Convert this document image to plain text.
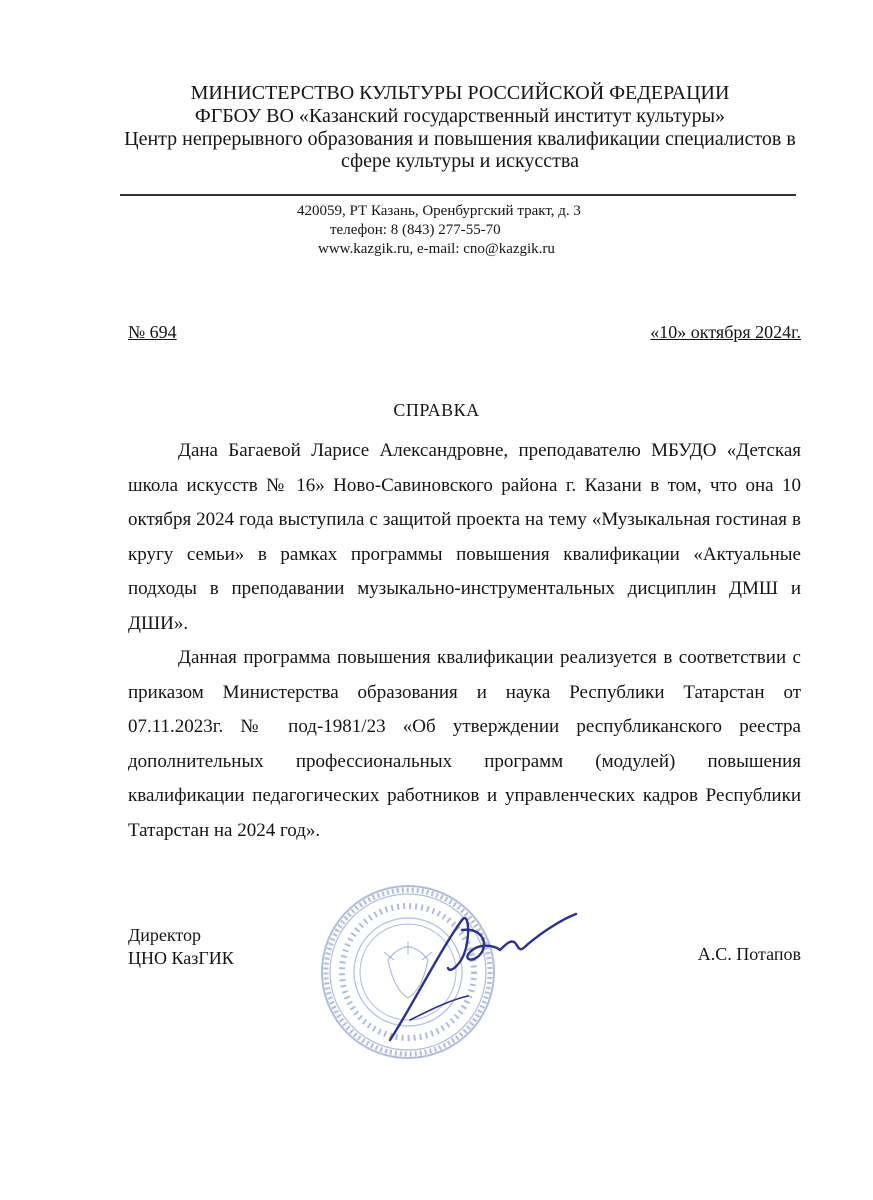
МИНИСТЕРСТВО КУЛЬТУРЫ РОССИЙСКОЙ ФЕДЕРАЦИИ
ФГБОУ ВО «Казанский государственный институт культуры»
Центр непрерывного образования и повышения квалификации специалистов в
сфере культуры и искусства
420059, РТ Казань, Оренбургский тракт, д. 3
телефон: 8 (843) 277-55-70
www.kazgik.ru, e-mail: cno@kazgik.ru
№ 694	«10» октября 2024г.
СПРАВКА
Дана Багаевой Ларисе Александровне, преподавателю МБУДО «Детская школа искусств № 16» Ново-Савиновского района г. Казани в том, что она 10 октября 2024 года выступила с защитой проекта на тему «Музыкальная гостиная в кругу семьи» в рамках программы повышения квалификации «Актуальные подходы в преподавании музыкально-инструментальных дисциплин ДМШ и ДШИ».
Данная программа повышения квалификации реализуется в соответствии с приказом Министерства образования и наука Республики Татарстан от 07.11.2023г. № под-1981/23 «Об утверждении республиканского реестра дополнительных профессиональных программ (модулей) повышения квалификации педагогических работников и управленческих кадров Республики Татарстан на 2024 год».
Директор
ЦНО КазГИК	А.С. Потапов
